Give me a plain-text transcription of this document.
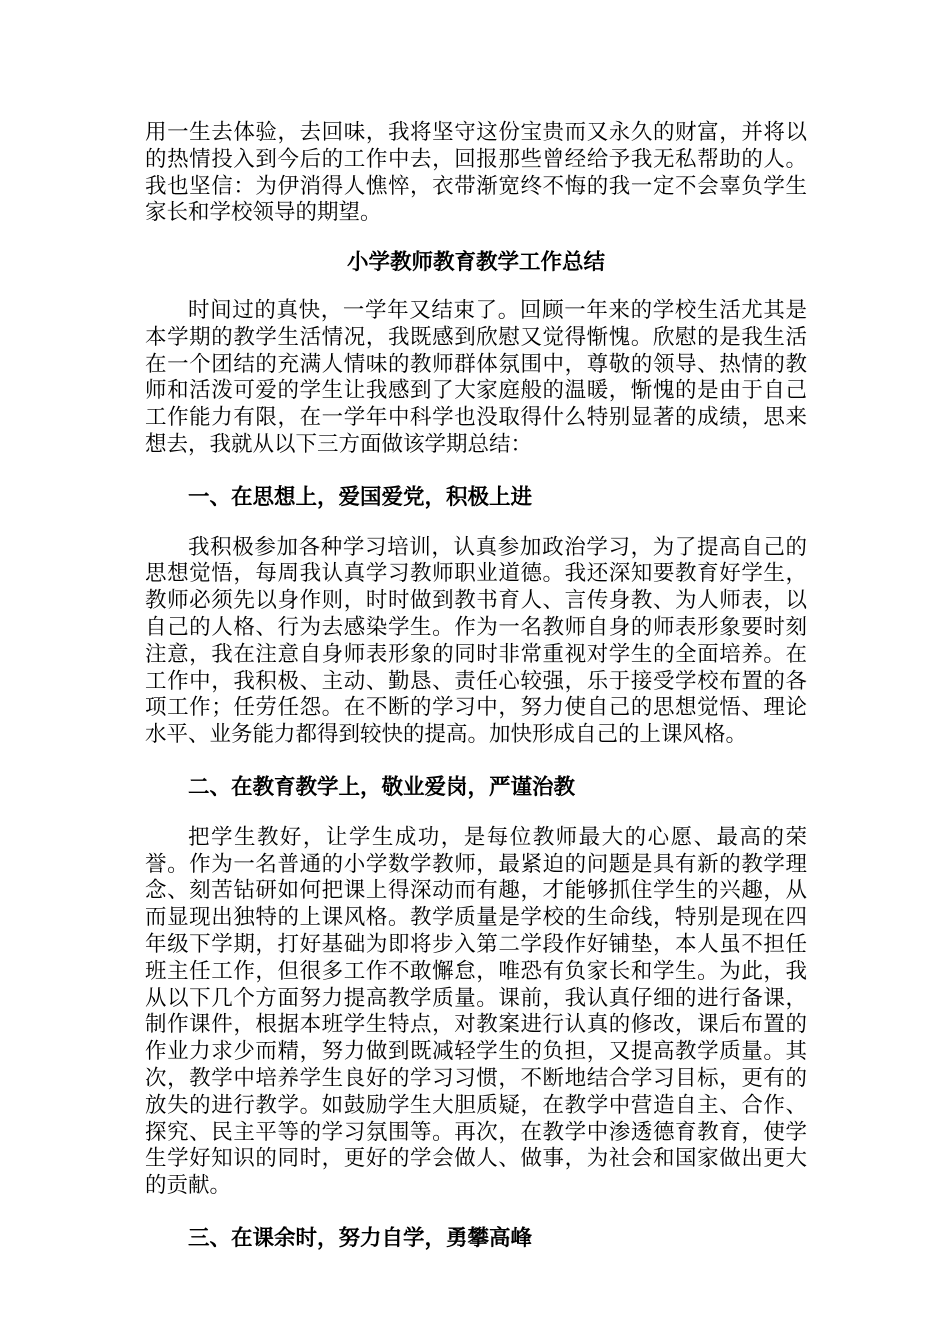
用一生去体验，去回味，我将坚守这份宝贵而又永久的财富，并将以的热情投入到今后的工作中去，回报那些曾经给予我无私帮助的人。我也坚信：为伊消得人憔悴，衣带渐宽终不悔的我一定不会辜负学生家长和学校领导的期望。

小学教师教育教学工作总结

时间过的真快，一学年又结束了。回顾一年来的学校生活尤其是本学期的教学生活情况，我既感到欣慰又觉得惭愧。欣慰的是我生活在一个团结的充满人情味的教师群体氛围中，尊敬的领导、热情的教师和活泼可爱的学生让我感到了大家庭般的温暖，惭愧的是由于自己工作能力有限，在一学年中科学也没取得什么特别显著的成绩，思来想去，我就从以下三方面做该学期总结：

一、在思想上，爱国爱党，积极上进

我积极参加各种学习培训，认真参加政治学习，为了提高自己的思想觉悟，每周我认真学习教师职业道德。我还深知要教育好学生，教师必须先以身作则，时时做到教书育人、言传身教、为人师表，以自己的人格、行为去感染学生。作为一名教师自身的师表形象要时刻注意，我在注意自身师表形象的同时非常重视对学生的全面培养。在工作中，我积极、主动、勤恳、责任心较强，乐于接受学校布置的各项工作；任劳任怨。在不断的学习中，努力使自己的思想觉悟、理论水平、业务能力都得到较快的提高。加快形成自己的上课风格。

二、在教育教学上，敬业爱岗，严谨治教

把学生教好，让学生成功，是每位教师最大的心愿、最高的荣誉。作为一名普通的小学数学教师，最紧迫的问题是具有新的教学理念、刻苦钻研如何把课上得深动而有趣，才能够抓住学生的兴趣，从而显现出独特的上课风格。教学质量是学校的生命线，特别是现在四年级下学期，打好基础为即将步入第二学段作好铺垫，本人虽不担任班主任工作，但很多工作不敢懈怠，唯恐有负家长和学生。为此，我从以下几个方面努力提高教学质量。课前，我认真仔细的进行备课，制作课件，根据本班学生特点，对教案进行认真的修改，课后布置的作业力求少而精，努力做到既减轻学生的负担，又提高教学质量。其次，教学中培养学生良好的学习习惯，不断地结合学习目标，更有的放失的进行教学。如鼓励学生大胆质疑，在教学中营造自主、合作、探究、民主平等的学习氛围等。再次，在教学中渗透德育教育，使学生学好知识的同时，更好的学会做人、做事，为社会和国家做出更大的贡献。

三、在课余时，努力自学，勇攀高峰
